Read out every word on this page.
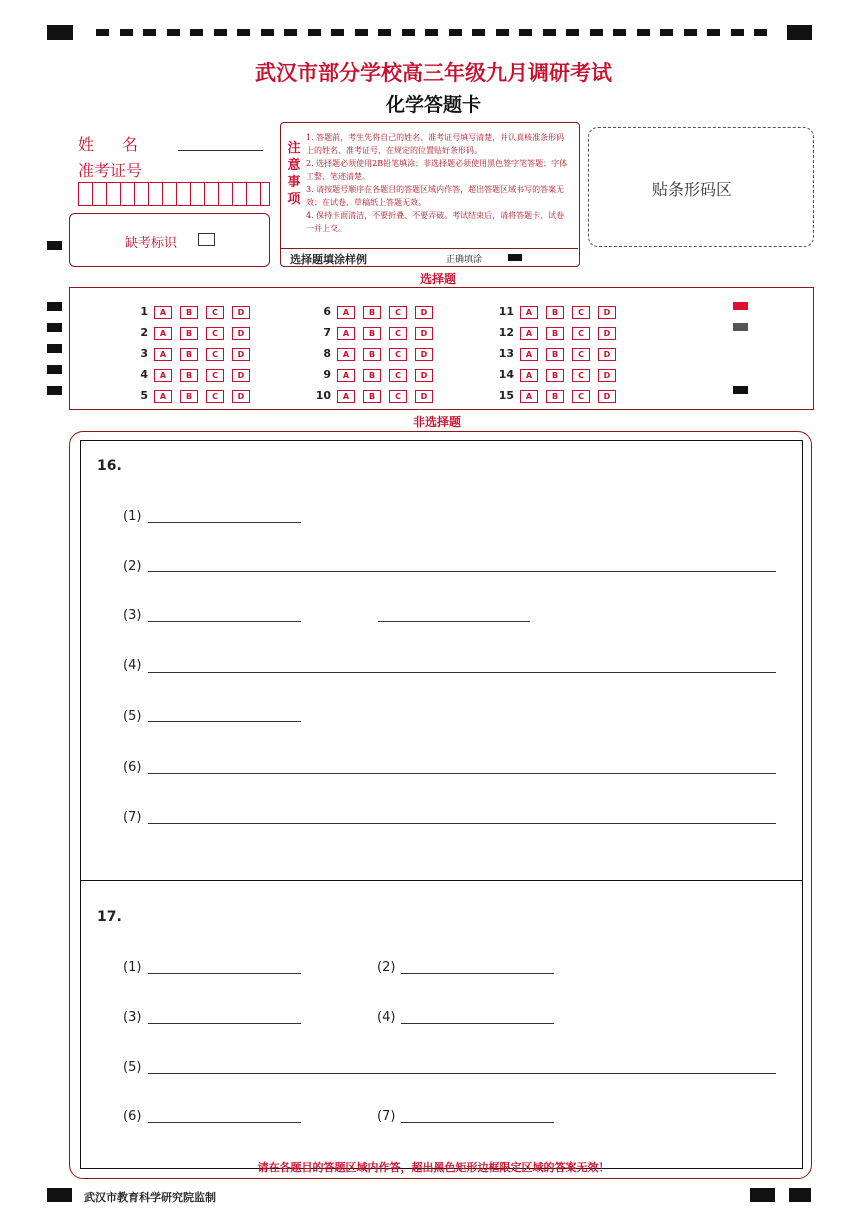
武汉市部分学校高三年级九月调研考试
化学答题卡
姓　名
准考证号
缺考标识
注
意
事
项
1. 答题前，考生先将自己的姓名、准考证号填写清楚，并认真核准条形码上的姓名、准考证号，在规定的位置贴好条形码。
2. 选择题必须使用2B铅笔填涂；非选择题必须使用黑色签字笔答题；字体工整、笔迹清楚。
3. 请按题号顺序在各题目的答题区域内作答，超出答题区域书写的答案无效；在试卷、草稿纸上答题无效。
4. 保持卡面清洁，不要折叠、不要弄破。考试结束后，请将答题卡、试卷一并上交。
选择题填涂样例	正确填涂
贴条形码区
选择题
1 A B	C D
2 A B	C D
3 A B	C D
4 A B	C D
5 A B	C D
6 A B	C D
7 A B	C D
8 A B	C D
9 A B	C D
10 A B	C D
11 A B	C D
12 A B	C D
13 A B	C D
14 A B	C D
15 A B	C D
非选择题
16.
(1)
(2)
(3)
(4)
(5)
(6)
(7)
17.
(1)	(2)
(3)	(4)
(5)
(6)	(7)
请在各题目的答题区域内作答，超出黑色矩形边框限定区域的答案无效！
武汉市教育科学研究院监制
